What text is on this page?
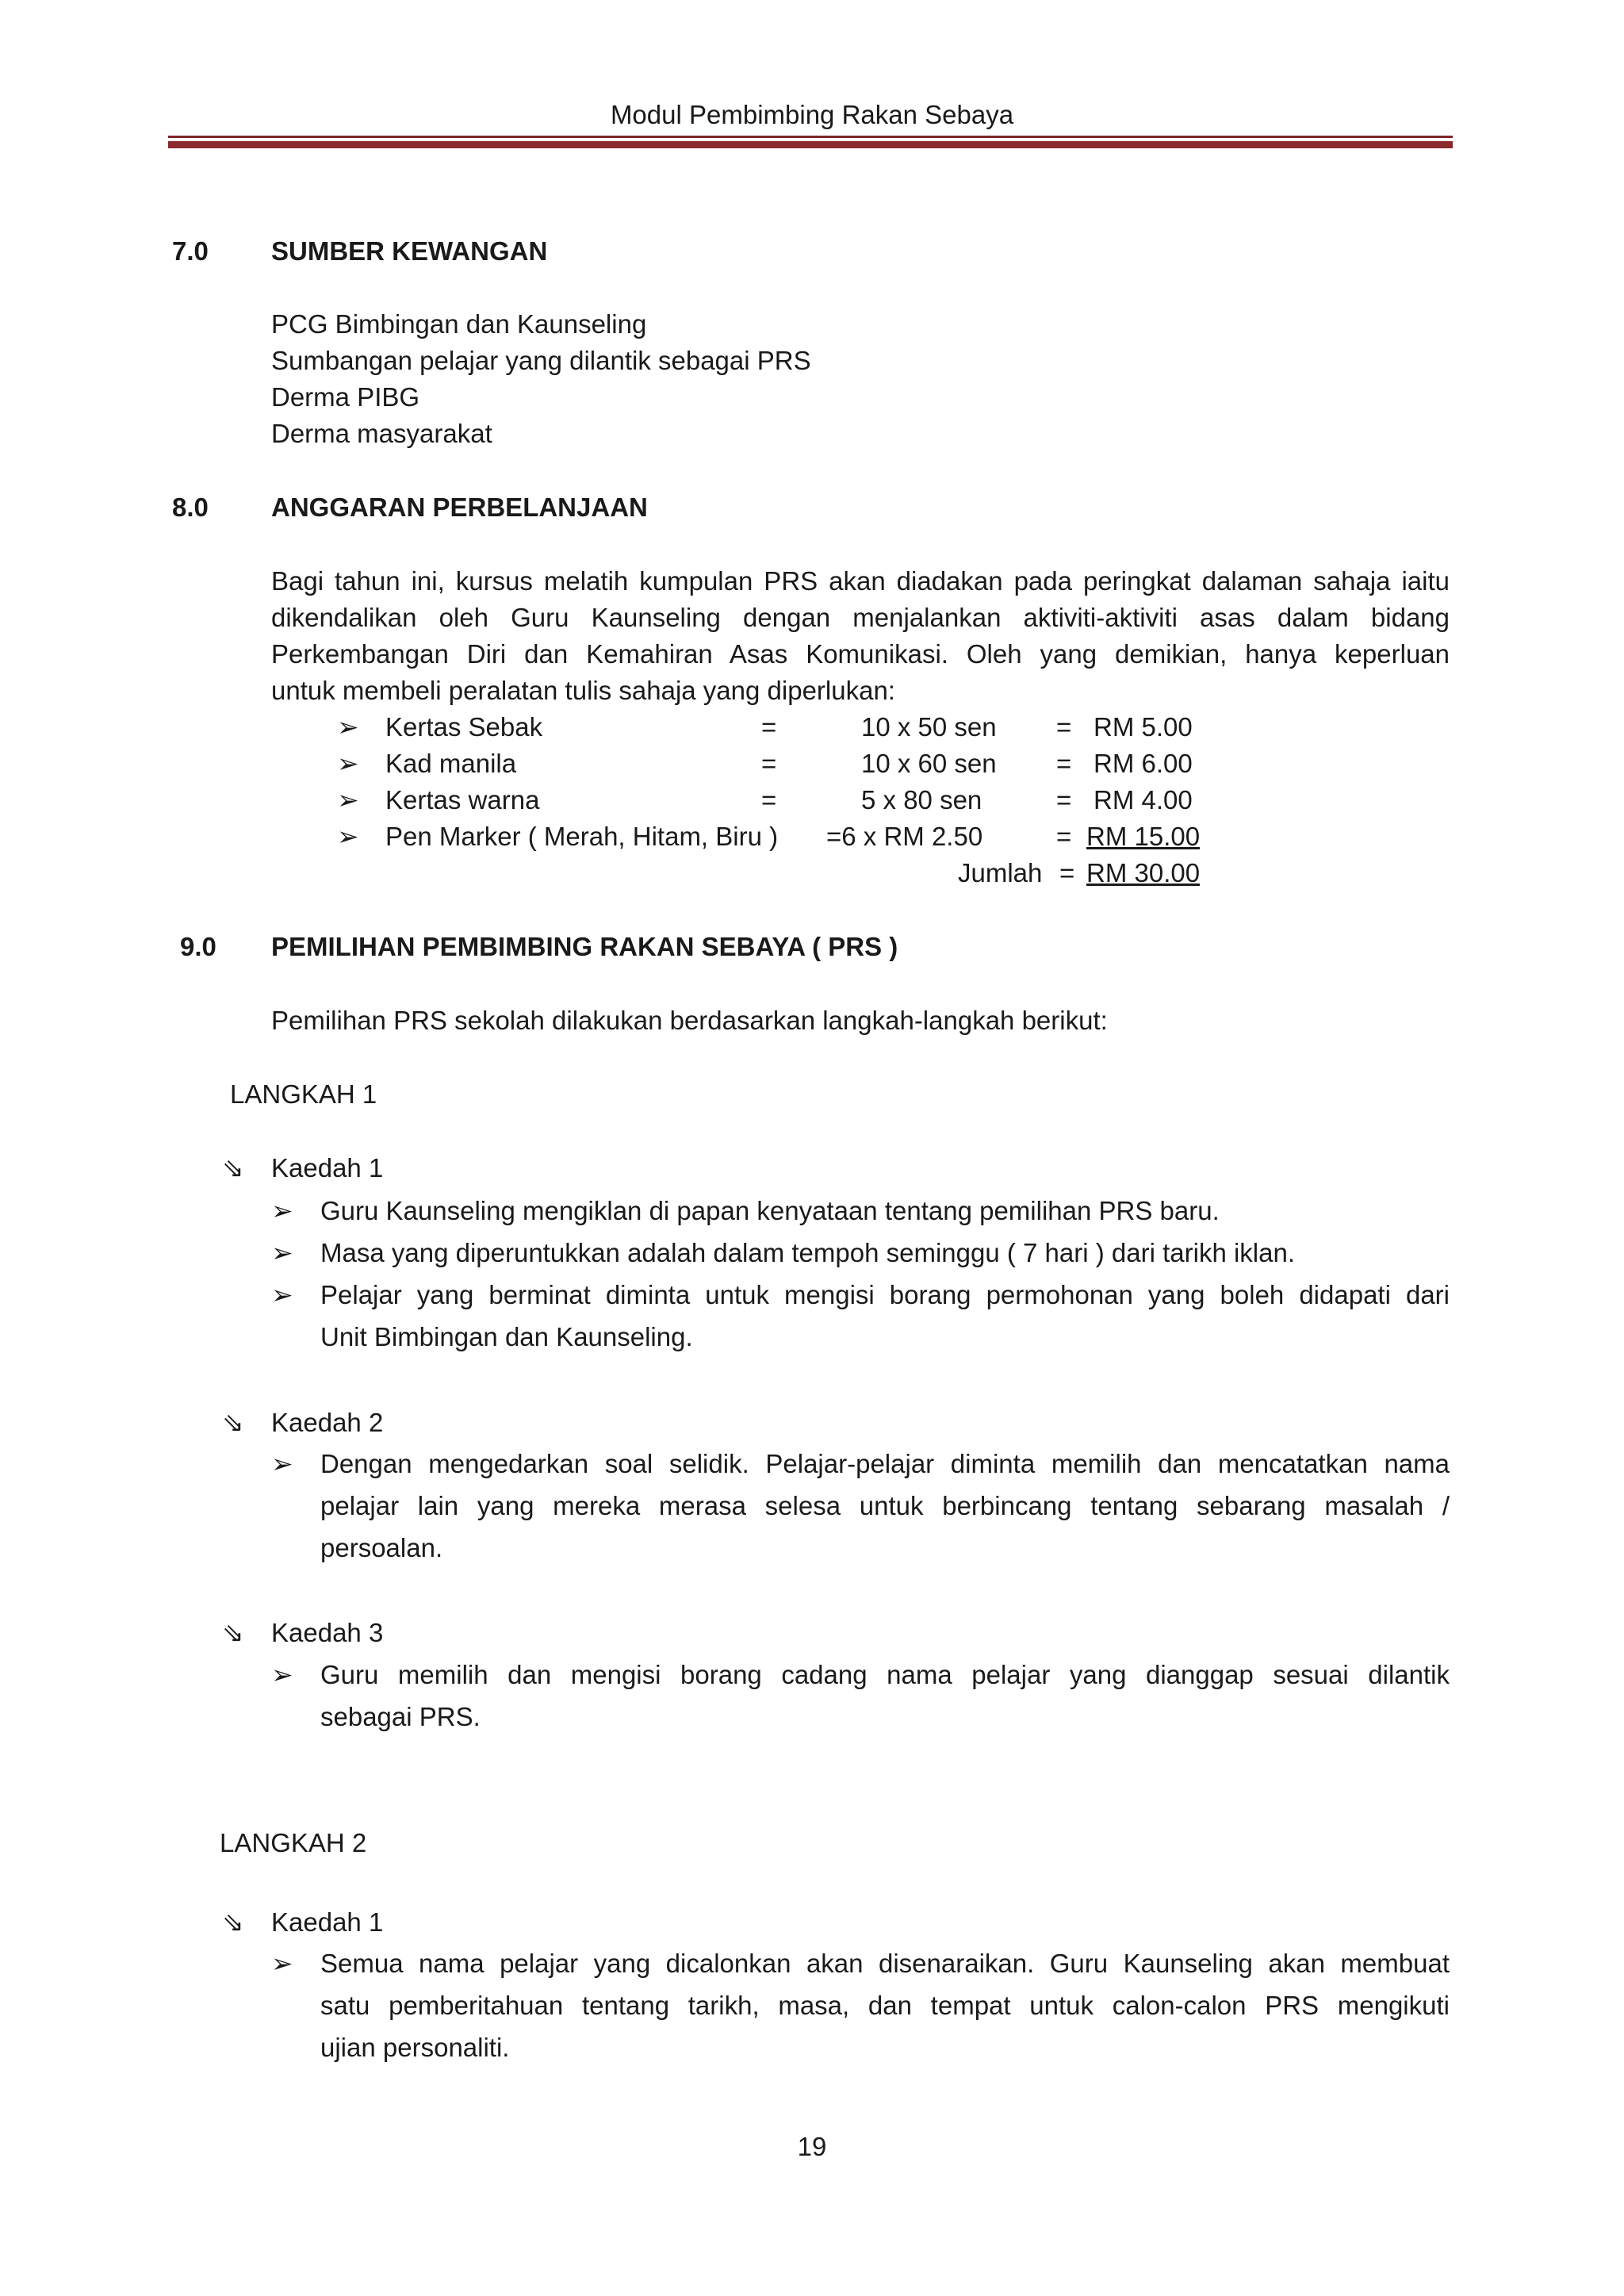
Modul Pembimbing Rakan Sebaya
7.0 SUMBER KEWANGAN
PCG Bimbingan dan Kaunseling
Sumbangan pelajar yang dilantik sebagai PRS
Derma PIBG
Derma masyarakat
8.0 ANGGARAN PERBELANJAAN
Bagi tahun ini, kursus melatih kumpulan PRS akan diadakan pada peringkat dalaman sahaja iaitu
dikendalikan oleh Guru Kaunseling dengan menjalankan aktiviti-aktiviti asas dalam bidang
Perkembangan Diri dan Kemahiran Asas Komunikasi. Oleh yang demikian, hanya keperluan
untuk membeli peralatan tulis sahaja yang diperlukan:
➢ Kertas Sebak	=	10 x 50 sen = RM 5.00
➢ Kad manila	=	10 x 60 sen = RM 6.00
➢ Kertas warna	=	5 x 80 sen	= RM 4.00
➢ Pen Marker ( Merah, Hitam, Biru ) =6 x RM 2.50	= RM 15.00
Jumlah = RM 30.00
9.0 PEMILIHAN PEMBIMBING RAKAN SEBAYA ( PRS )
Pemilihan PRS sekolah dilakukan berdasarkan langkah-langkah berikut:
LANGKAH 1
⇘ Kaedah 1
➢ Guru Kaunseling mengiklan di papan kenyataan tentang pemilihan PRS baru.
➢ Masa yang diperuntukkan adalah dalam tempoh seminggu ( 7 hari ) dari tarikh iklan.
➢ Pelajar yang berminat diminta untuk mengisi borang permohonan yang boleh didapati dari
Unit Bimbingan dan Kaunseling.
⇘ Kaedah 2
➢ Dengan mengedarkan soal selidik. Pelajar-pelajar diminta memilih dan mencatatkan nama
pelajar lain yang mereka merasa selesa untuk berbincang tentang sebarang masalah /
persoalan.
⇘ Kaedah 3
➢ Guru memilih dan mengisi borang cadang nama pelajar yang dianggap sesuai dilantik
sebagai PRS.
LANGKAH 2
⇘ Kaedah 1
➢ Semua nama pelajar yang dicalonkan akan disenaraikan. Guru Kaunseling akan membuat
satu pemberitahuan tentang tarikh, masa, dan tempat untuk calon-calon PRS mengikuti
ujian personaliti.
19
